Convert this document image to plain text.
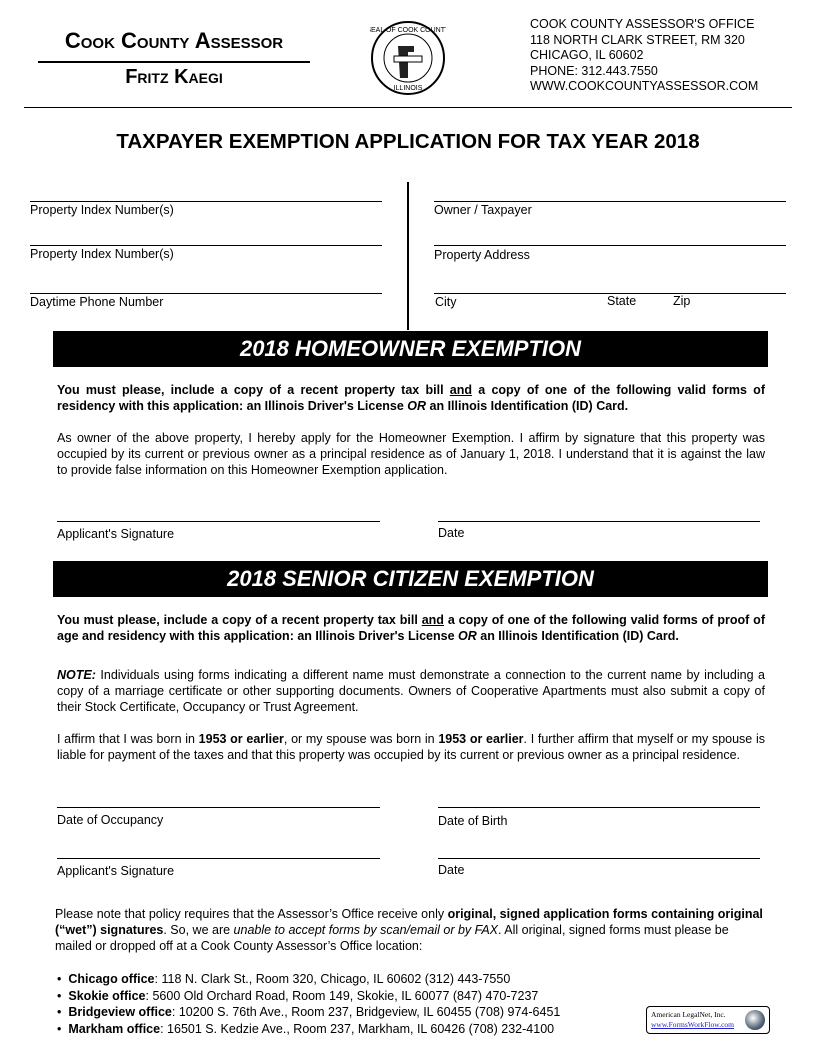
Cook County Assessor
Fritz Kaegi
SEAL OF COOK COUNTY
ILLINOIS
COOK COUNTY ASSESSOR'S OFFICE
118 NORTH CLARK STREET, RM 320
CHICAGO, IL 60602
PHONE: 312.443.7550
WWW.COOKCOUNTYASSESSOR.COM
TAXPAYER EXEMPTION APPLICATION FOR TAX YEAR 2018
Property Index Number(s)
Property Index Number(s)
Daytime Phone Number
Owner / Taxpayer
Property Address
City	State	Zip
2018 HOMEOWNER EXEMPTION
You must please, include a copy of a recent property tax bill and a copy of one of the following valid forms of residency with this application: an Illinois Driver's License OR an Illinois Identification (ID) Card.
As owner of the above property, I hereby apply for the Homeowner Exemption. I affirm by signature that this property was occupied by its current or previous owner as a principal residence as of January 1, 2018. I understand that it is against the law to provide false information on this Homeowner Exemption application.
Applicant's Signature	Date
2018 SENIOR CITIZEN EXEMPTION
You must please, include a copy of a recent property tax bill and a copy of one of the following valid forms of proof of age and residency with this application: an Illinois Driver's License OR an Illinois Identification (ID) Card.
NOTE: Individuals using forms indicating a different name must demonstrate a connection to the current name by including a copy of a marriage certificate or other supporting documents. Owners of Cooperative Apartments must also submit a copy of their Stock Certificate, Occupancy or Trust Agreement.
I affirm that I was born in 1953 or earlier, or my spouse was born in 1953 or earlier. I further affirm that myself or my spouse is liable for payment of the taxes and that this property was occupied by its current or previous owner as a principal residence.
Date of Occupancy	Date of Birth
Applicant's Signature	Date
Please note that policy requires that the Assessor’s Office receive only original, signed application forms containing original (“wet”) signatures. So, we are unable to accept forms by scan/email or by FAX. All original, signed forms must please be mailed or dropped off at a Cook County Assessor’s Office location:
• Chicago office: 118 N. Clark St., Room 320, Chicago, IL 60602 (312) 443-7550
• Skokie office: 5600 Old Orchard Road, Room 149, Skokie, IL 60077 (847) 470-7237
• Bridgeview office: 10200 S. 76th Ave., Room 237, Bridgeview, IL 60455 (708) 974-6451
• Markham office: 16501 S. Kedzie Ave., Room 237, Markham, IL 60426 (708) 232-4100
American LegalNet, Inc.
www.FormsWorkFlow.com
